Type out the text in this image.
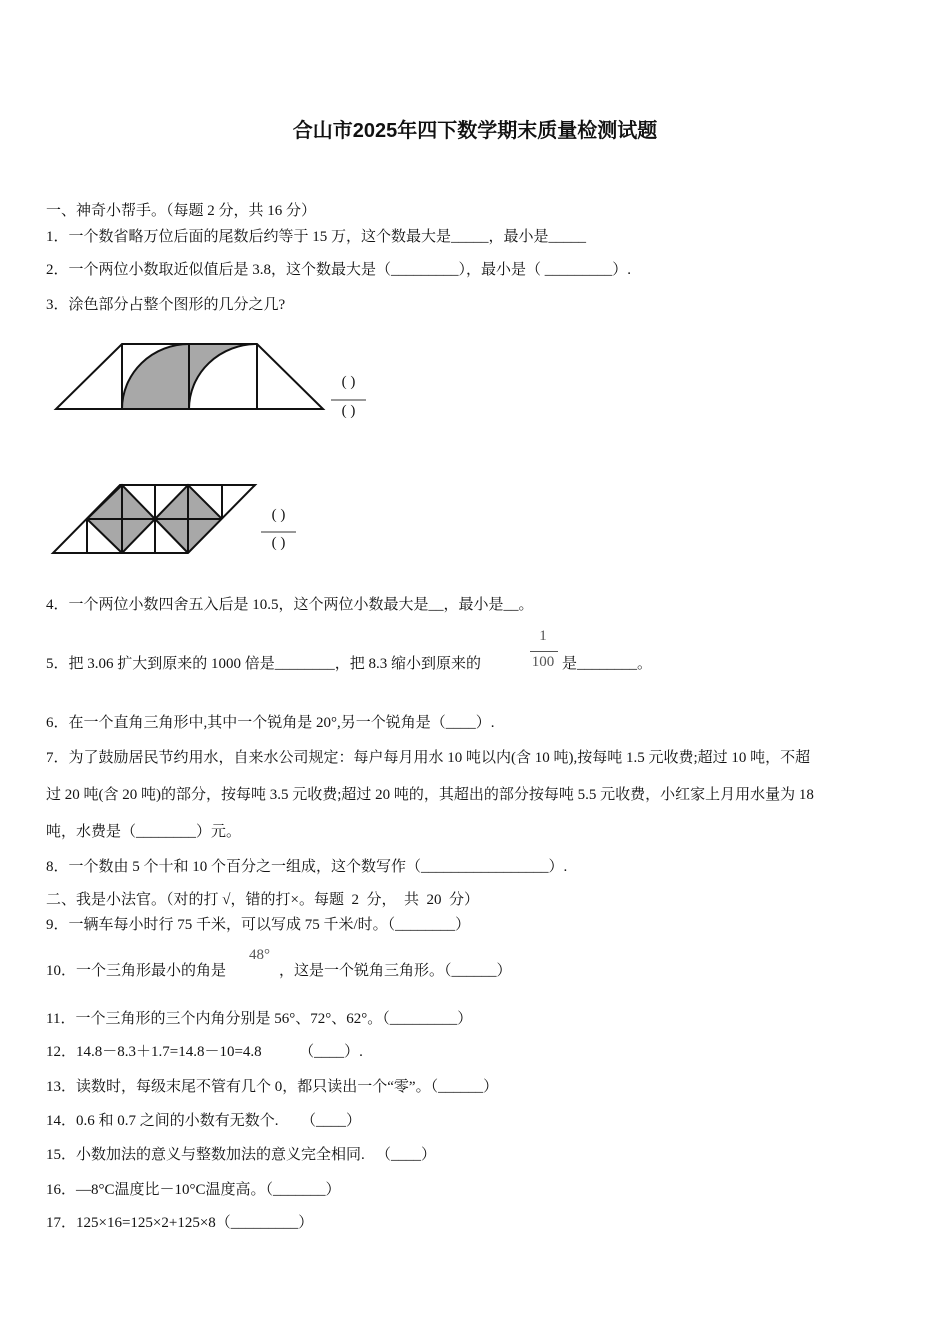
合山市2025年四下数学期末质量检测试题
一、神奇小帮手。（每题 2 分，共 16 分）
1．一个数省略万位后面的尾数后约等于 15 万，这个数最大是_____，最小是_____
2．一个两位小数取近似值后是 3.8，这个数最大是（_________），最小是（ _________）.
3．涂色部分占整个图形的几分之几?
( )
( )
( )
( )
4．一个两位小数四舍五入后是 10.5，这个两位小数最大是__，最小是__。
5．把 3.06 扩大到原来的 1000 倍是________，把 8.3 缩小到原来的
1
100 是________。
6．在一个直角三角形中,其中一个锐角是 20°,另一个锐角是（____）.
7．为了鼓励居民节约用水，自来水公司规定：每户每月用水 10 吨以内(含 10 吨),按每吨 1.5 元收费;超过 10 吨，不超
过 20 吨(含 20 吨)的部分，按每吨 3.5 元收费;超过 20 吨的，其超出的部分按每吨 5.5 元收费，小红家上月用水量为 18
吨，水费是（________）元。
8．一个数由 5 个十和 10 个百分之一组成，这个数写作（_________________）.
二、我是小法官。（对的打 √，错的打×。每题  2  分，  共  20  分）
9．一辆车每小时行 75 千米，可以写成 75 千米/时。（________）
10．一个三角形最小的角是
48°
，这是一个锐角三角形。（______）
11．一个三角形的三个内角分别是 56°、72°、62°。（_________）
12．14.8－8.3＋1.7=14.8－10=4.8          （____）.
13．读数时，每级末尾不管有几个 0，都只读出一个“零”。（______）
14．0.6 和 0.7 之间的小数有无数个.      （____）
15．小数加法的意义与整数加法的意义完全相同.   （____）
16．—8°C温度比－10°C温度高。（_______）
17．125×16=125×2+125×8（_________）
